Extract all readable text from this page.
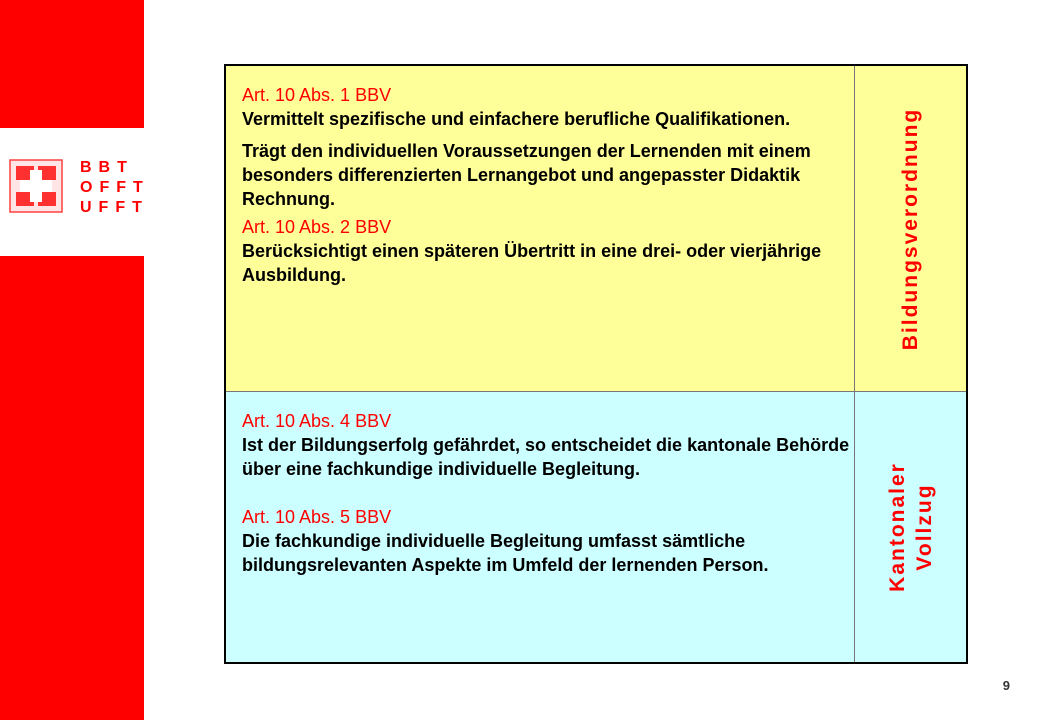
BBT
OFFT
UFFT
Art. 10 Abs. 1 BBV
Vermittelt spezifische und einfachere berufliche Qualifikationen.
Trägt den individuellen Voraussetzungen der Lernenden mit einem besonders differenzierten Lernangebot und angepasster Didaktik Rechnung.
Art. 10 Abs. 2 BBV
Berücksichtigt einen späteren Übertritt in eine drei- oder vierjährige Ausbildung.	Bildungsverordnung
Art. 10 Abs. 4 BBV
Ist der Bildungserfolg gefährdet, so entscheidet die kantonale Behörde über eine fachkundige individuelle Begleitung.
Art. 10 Abs. 5 BBV
Die fachkundige individuelle Begleitung umfasst sämtliche bildungsrelevanten Aspekte im Umfeld der lernenden Person.	Kantonaler Vollzug
9
